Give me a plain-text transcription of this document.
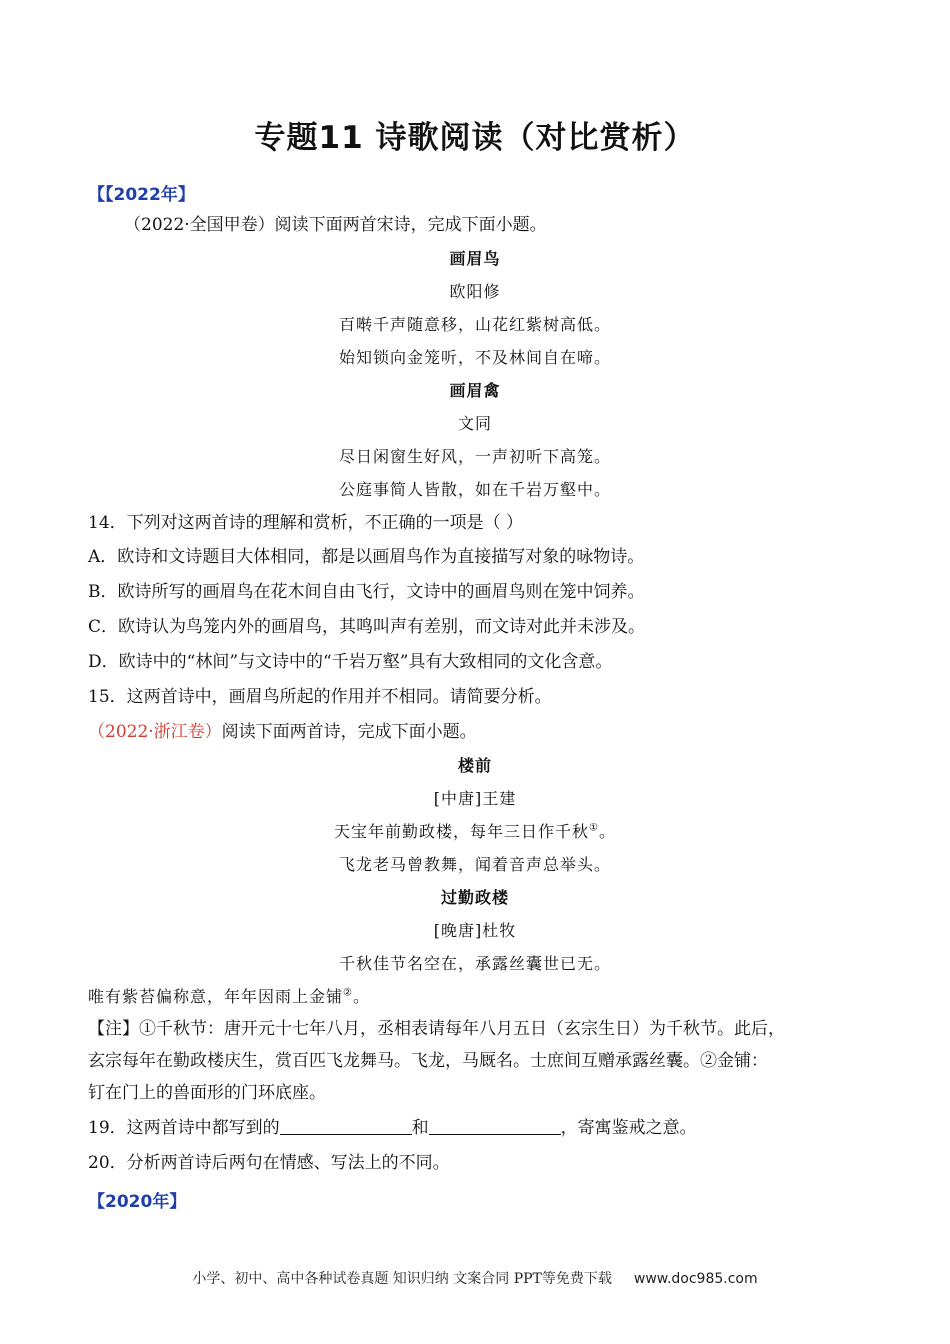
专题11 诗歌阅读（对比赏析）
【【2022年】
（2022·全国甲卷）阅读下面两首宋诗，完成下面小题。
画眉鸟
欧阳修
百啭千声随意移，山花红紫树高低。
始知锁向金笼听，不及林间自在啼。
画眉禽
文同
尽日闲窗生好风，一声初听下高笼。
公庭事简人皆散，如在千岩万壑中。
14．下列对这两首诗的理解和赏析，不正确的一项是（ ）
A．欧诗和文诗题目大体相同，都是以画眉鸟作为直接描写对象的咏物诗。
B．欧诗所写的画眉鸟在花木间自由飞行，文诗中的画眉鸟则在笼中饲养。
C．欧诗认为鸟笼内外的画眉鸟，其鸣叫声有差别，而文诗对此并未涉及。
D．欧诗中的“林间”与文诗中的“千岩万壑”具有大致相同的文化含意。
15．这两首诗中，画眉鸟所起的作用并不相同。请简要分析。
（2022·浙江卷）阅读下面两首诗，完成下面小题。
楼前
[中唐]王建
天宝年前勤政楼，每年三日作千秋①。
飞龙老马曾教舞，闻着音声总举头。
过勤政楼
[晚唐]杜牧
千秋佳节名空在，承露丝囊世已无。
唯有紫苔偏称意，年年因雨上金铺②。
【注】①千秋节：唐开元十七年八月，丞相表请每年八月五日（玄宗生日）为千秋节。此后，
玄宗每年在勤政楼庆生，赏百匹飞龙舞马。飞龙，马厩名。士庶间互赠承露丝囊。②金铺：
钉在门上的兽面形的门环底座。
19．这两首诗中都写到的	和	，寄寓鉴戒之意。
20．分析两首诗后两句在情感、写法上的不同。
【2020年】
小学、初中、高中各种试卷真题 知识归纳 文案合同 PPT等免费下载 www.doc985.com
